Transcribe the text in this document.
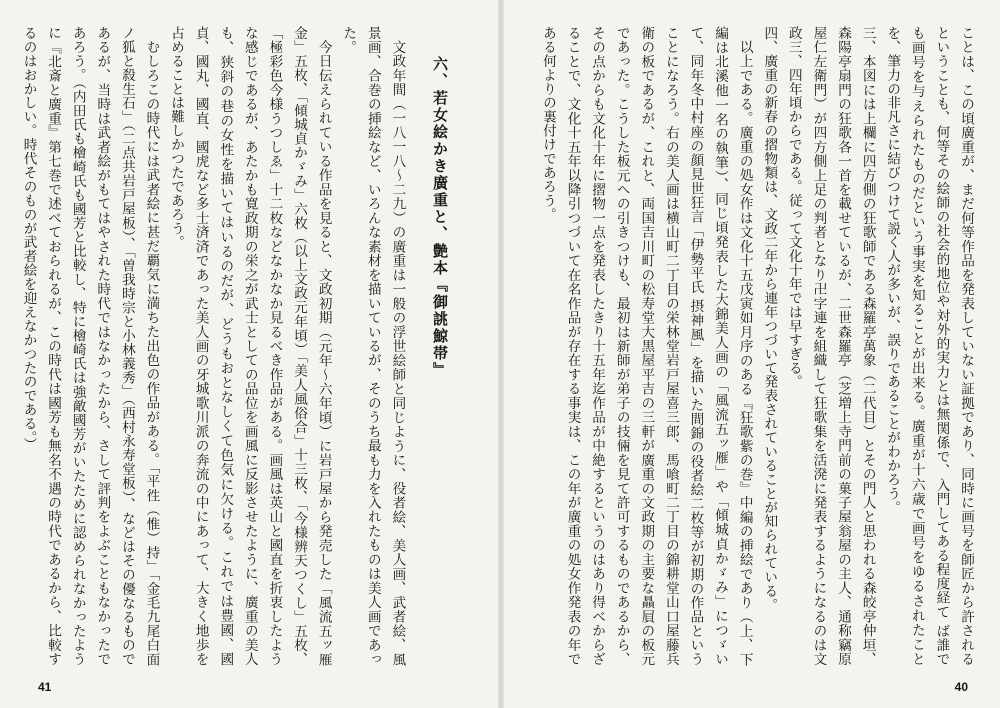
六、若女絵かき廣重と、艶本『御誂鯨帯』

文政年間（一八一八～二九）の廣重は一般の浮世絵師と同じように、役者絵、美人画、武者絵、風景画、合巻の挿絵など、いろんな素材を描いているが、そのうち最も力を入れたものは美人画であった。

今日伝えられている作品を見ると、文政初期（元年～六年頃）に岩戸屋から発売した「風流五ッ雁金」五枚、「傾城貞かゞみ」六枚（以上文政元年頃）「美人風俗合」十三枚、「今様辨天つくし」五枚、「極彩色今様うつしゑ」十二枚などなかなか見るべき作品がある。画風は英山と國直を折衷したような感じであるが、あたかも寛政期の栄之が武士としての品位を画風に反影させたように、廣重の美人も、狭斜の巷の女性を描いてはいるのだが、どうもおとなしくて色気に欠ける。これでは豊國、國貞、國丸、國直、國虎など多士済済であった美人画の牙城歌川派の奔流の中にあって、大きく地歩を占めることは難しかつたであろう。

むしろこの時代には武者絵に甚だ覇気に満ちた出色の作品がある。「平徃（惟）持」「金毛九尾白面ノ狐と殺生石」（二点共岩戸屋板）、「曽我時宗と小林義秀」（西村永寿堂板）、などはその優なるものであるが、当時は武者絵がもてはやされた時代ではなかったから、さして評判をよぶこともなかったであろう。（内田氏も檜崎氏も國芳と比較し、特に檜崎氏は強敵國芳がいたために認められなかったように『北斎と廣重』第七巻で述べておられるが、この時代は國芳も無名不遇の時代であるから、比較するのはおかしい。時代そのものが武者絵を迎えなかつたのである。）

41

ことは、この頃廣重が、まだ何等作品を発表していない証拠であり、同時に画号を師匠から許されるということも、何等その絵師の社会的地位や対外的実力とは無関係で、入門してある程度経て ば誰でも画号を与えられたものだという事実を知ることが出来る。廣重が十六歳で画号をゆるされたことを、筆力の非凡さに結びつけて説く人が多いが、誤りであることがわかろう。

三、本図には上欄に四方側の狂歌師である森羅亭萬象（二代目）とその門人と思われる森皎亭仲垣、森陽亭扇門の狂歌各一首を載せているが、二世森羅亭（芝増上寺門前の菓子屋翁屋の主人、通称竊原屋仁左衛門）が四方側上足の判者となり卍字連を組織して狂歌集を活溌に発表するようになるのは文政三、四年頃からである。従って文化十年では早すぎる。

四、廣重の新春の摺物類は、文政二年から連年つづいて発表されていることが知られている。

以上である。廣重の処女作は文化十五戊寅如月序のある『狂歌紫の巻』中編の挿絵であり（上、下編は北溪他一名の執筆）、同じ頃発表した大錦美人画の「風流五ッ雁」や「傾城貞かゞみ」につゞいて、同年冬中村座の顔見世狂言「伊勢平氏 摂神風」を描いた間錦の役者絵二枚等が初期の作品ということになろう。右の美人画は横山町二丁目の栄林堂岩戸屋喜三郎、馬喰町二丁目の錦耕堂山口屋藤兵衛の板であるが、これと、両国吉川町の松寿堂大黒屋平吉の三軒が廣重の文政期の主要な贔屓の板元であった。こうした板元への引きつけも、最初は新師が弟子の技倆を見て許可するものであるから、その点からも文化十年に摺物一点を発表したきり十五年迄作品が中絶するというのはあり得べからざることで、文化十五年以降引つづいて在名作品が存在する事実は、この年が廣重の処女作発表の年である何よりの裏付けであろう。

40
